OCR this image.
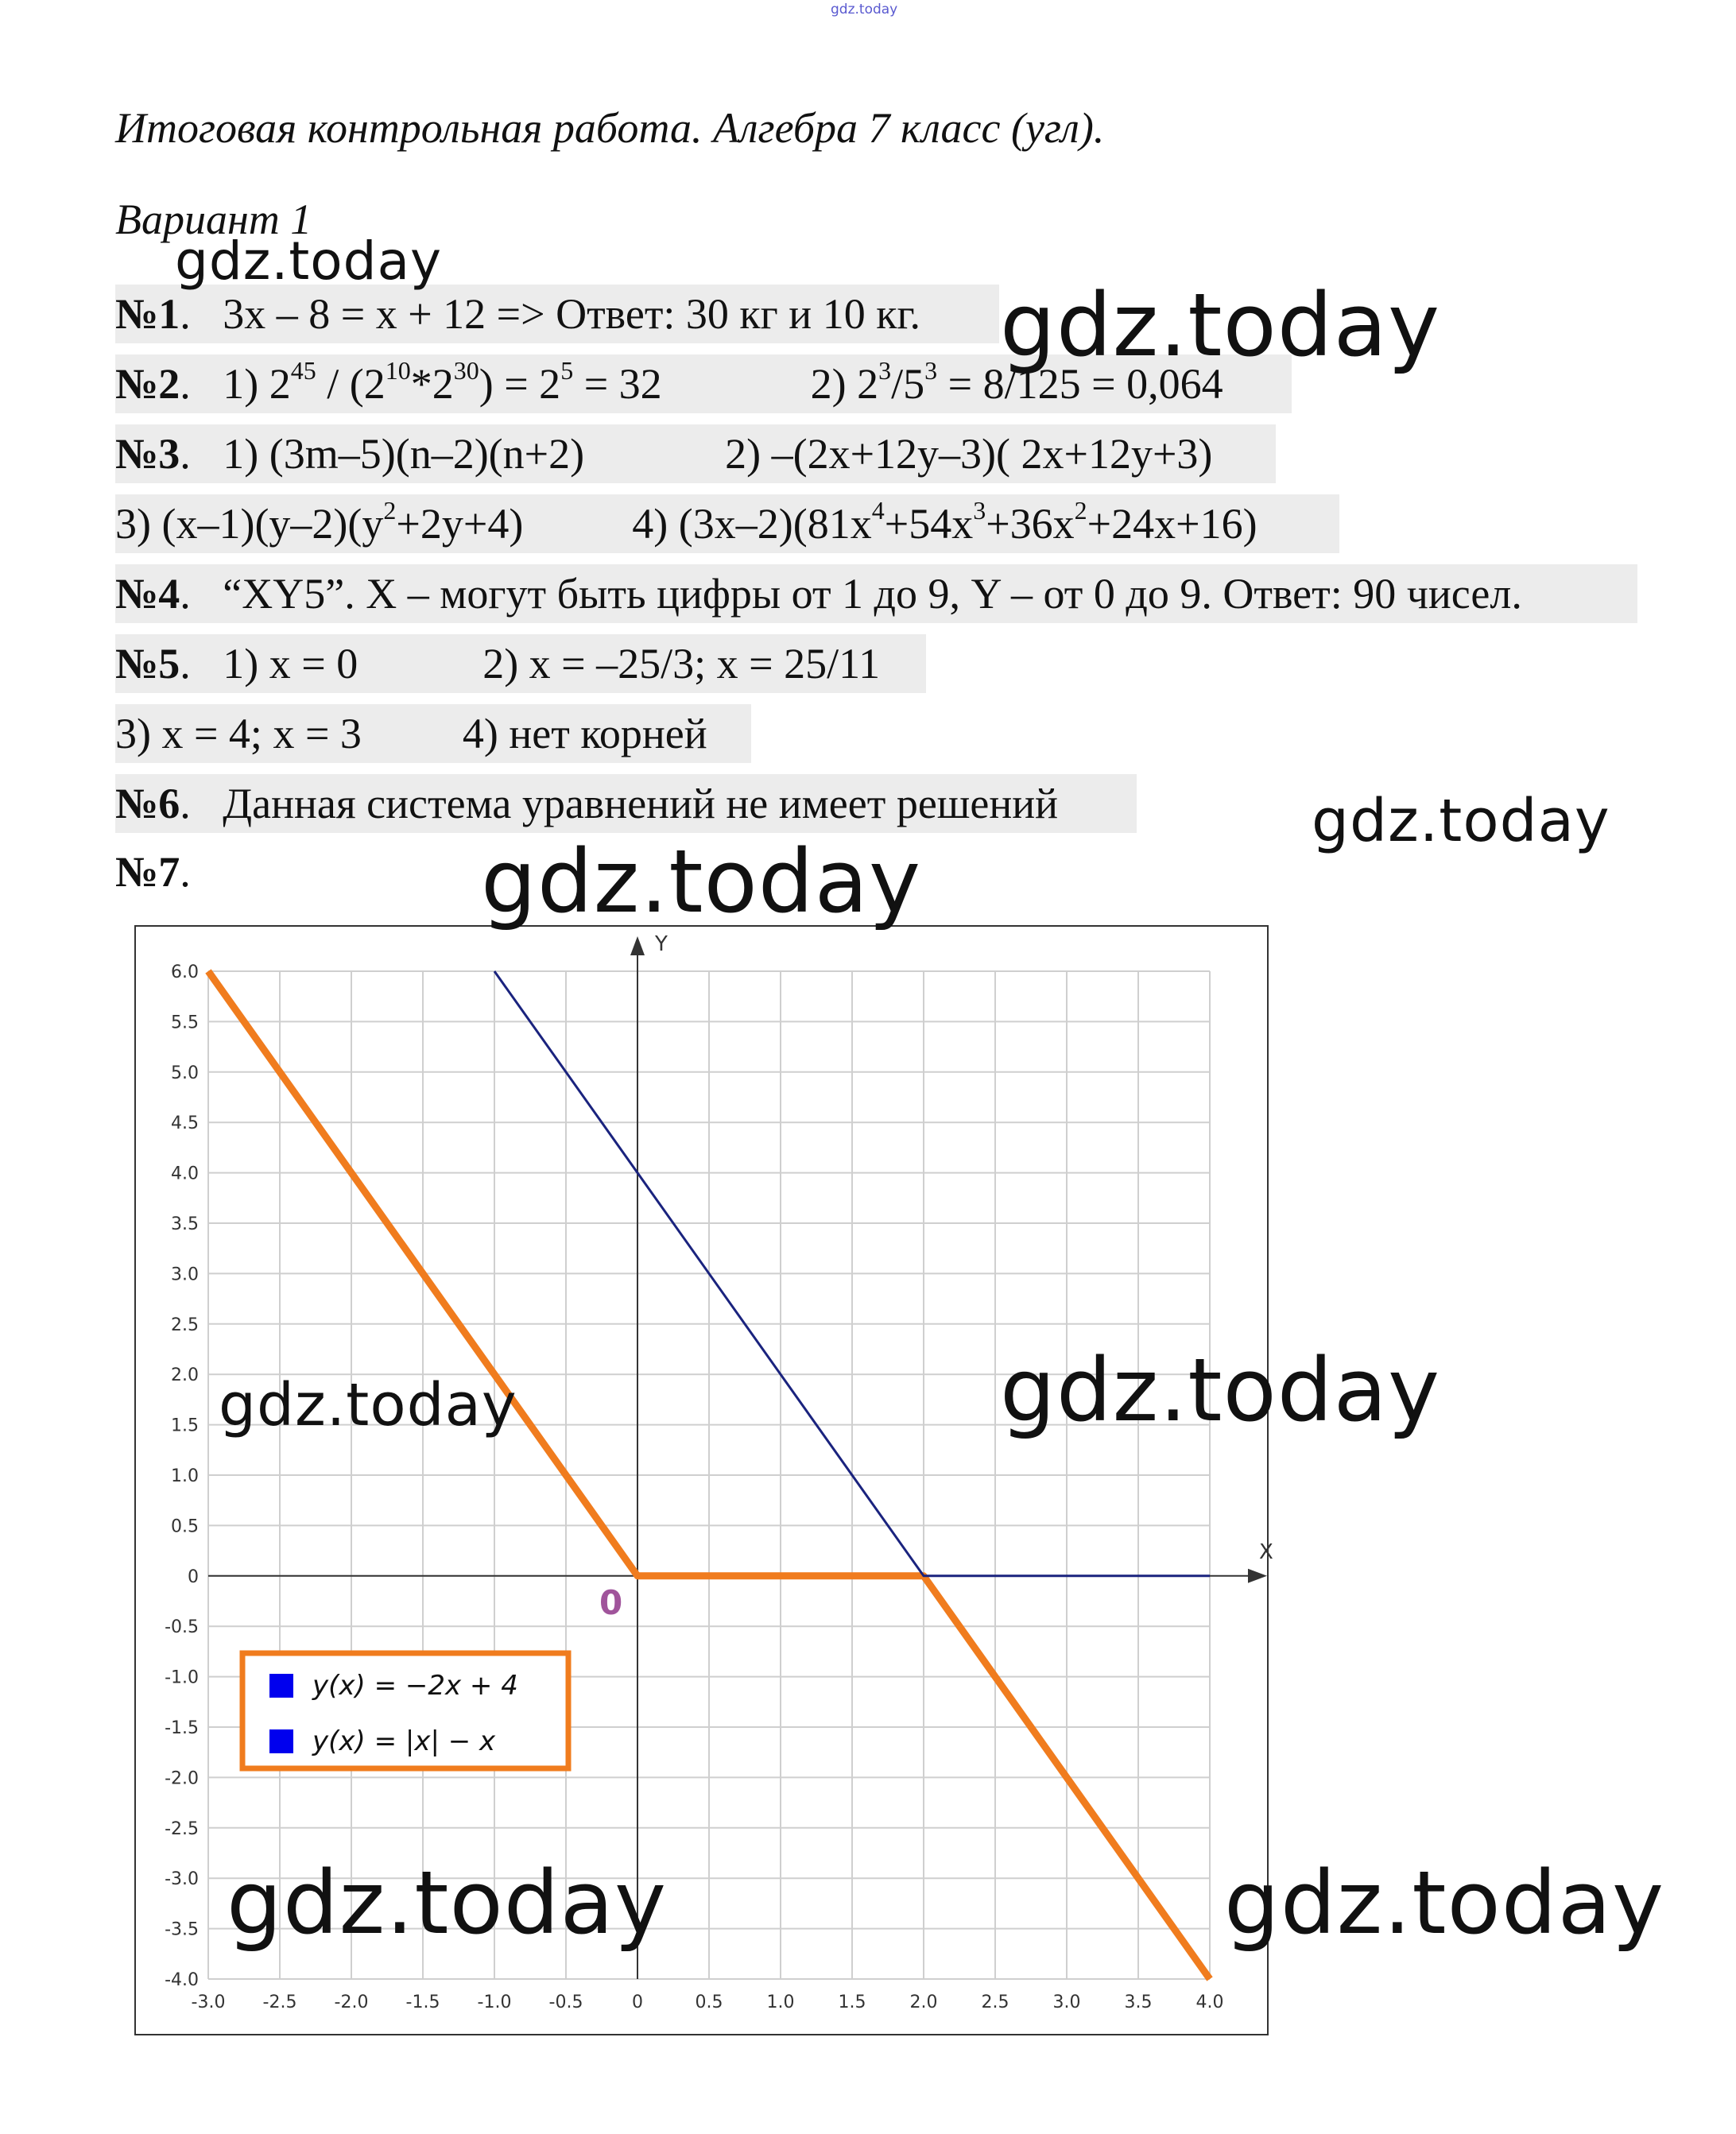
gdz.today
Итоговая контрольная работа. Алгебра 7 класс (угл).
Вариант 1
№1.   3x – 8 = x + 12 => Ответ: 30 кг и 10 кг.
№2.   1) $2^{45} / (2^{10}*2^{30}) = 2^5 = 32$	2) $2^3/5^3 = 8/125 = 0,064$
№3.   1) (3m–5)(n–2)(n+2)	2) –(2x+12y–3)( 2x+12y+3)
3) $(x-1)(y-2)(y^2+2y+4)$	4) $(3x-2)(81x^4+54x^3+36x^2+24x+16)$
№4.   “XY5”. X – могут быть цифры от 1 до 9, Y – от 0 до 9. Ответ: 90 чисел.
№5.   1) x = 0	2) x = –25/3; x = 25/11
3) x = 4; x = 3 4) нет корней
№6.   Данная система уравнений не имеет решений
№7.
X
Y
0
-3.0 -2.5 -2.0 -1.5 -1.0 -0.5	0	0.5	1.0	1.5	2.0	2.5	3.0	3.5	4.0
6.0
5.5
5.0
4.5
4.0
3.5
3.0
2.5
2.0
1.5
1.0
0.5
0
-0.5
-1.0
-1.5
-2.0
-2.5
-3.0
-3.5
-4.0
y(x) = −2x + 4
y(x) = |x| − x
gdz.today
gdz.today
gdz.today
gdz.today
gdz.today	gdz.today
gdz.today	gdz.today
